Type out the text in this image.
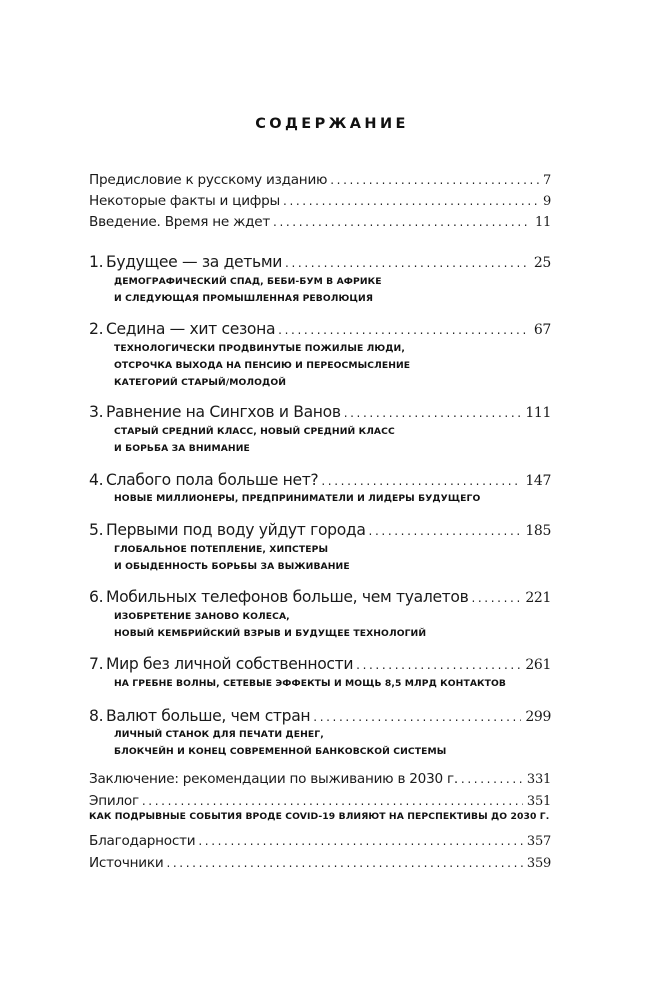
СОДЕРЖАНИЕ
Предисловие к русскому изданию . . .	7
Некоторые факты и цифры . . .	9
Введение. Время не ждет . . .	11
1. Будущее — за детьми . . .	25
ДЕМОГРАФИЧЕСКИЙ СПАД, БЕБИ-БУМ В АФРИКЕ
И СЛЕДУЮЩАЯ ПРОМЫШЛЕННАЯ РЕВОЛЮЦИЯ
2. Седина — хит сезона . . .	67
ТЕХНОЛОГИЧЕСКИ ПРОДВИНУТЫЕ ПОЖИЛЫЕ ЛЮДИ,
ОТСРОЧКА ВЫХОДА НА ПЕНСИЮ И ПЕРЕОСМЫСЛЕНИЕ
КАТЕГОРИЙ СТАРЫЙ/МОЛОДОЙ
3. Равнение на Сингхов и Ванов . . .	111
СТАРЫЙ СРЕДНИЙ КЛАСС, НОВЫЙ СРЕДНИЙ КЛАСС
И БОРЬБА ЗА ВНИМАНИЕ
4. Слабого пола больше нет? . . .	147
НОВЫЕ МИЛЛИОНЕРЫ, ПРЕДПРИНИМАТЕЛИ И ЛИДЕРЫ БУДУЩЕГО
5. Первыми под воду уйдут города . . .	185
ГЛОБАЛЬНОЕ ПОТЕПЛЕНИЕ, ХИПСТЕРЫ
И ОБЫДЕННОСТЬ БОРЬБЫ ЗА ВЫЖИВАНИЕ
6. Мобильных телефонов больше, чем туалетов . . .	221
ИЗОБРЕТЕНИЕ ЗАНОВО КОЛЕСА,
НОВЫЙ КЕМБРИЙСКИЙ ВЗРЫВ И БУДУЩЕЕ ТЕХНОЛОГИЙ
7. Мир без личной собственности . . .	261
НА ГРЕБНЕ ВОЛНЫ, СЕТЕВЫЕ ЭФФЕКТЫ И МОЩЬ 8,5 МЛРД КОНТАКТОВ
8. Валют больше, чем стран . . .	299
ЛИЧНЫЙ СТАНОК ДЛЯ ПЕЧАТИ ДЕНЕГ,
БЛОКЧЕЙН И КОНЕЦ СОВРЕМЕННОЙ БАНКОВСКОЙ СИСТЕМЫ
Заключение: рекомендации по выживанию в 2030 г. . . .	331
Эпилог . . .	351
КАК ПОДРЫВНЫЕ СОБЫТИЯ ВРОДЕ COVID-19 ВЛИЯЮТ НА ПЕРСПЕКТИВЫ ДО 2030 Г.
Благодарности . . .	357
Источники . . .	359
